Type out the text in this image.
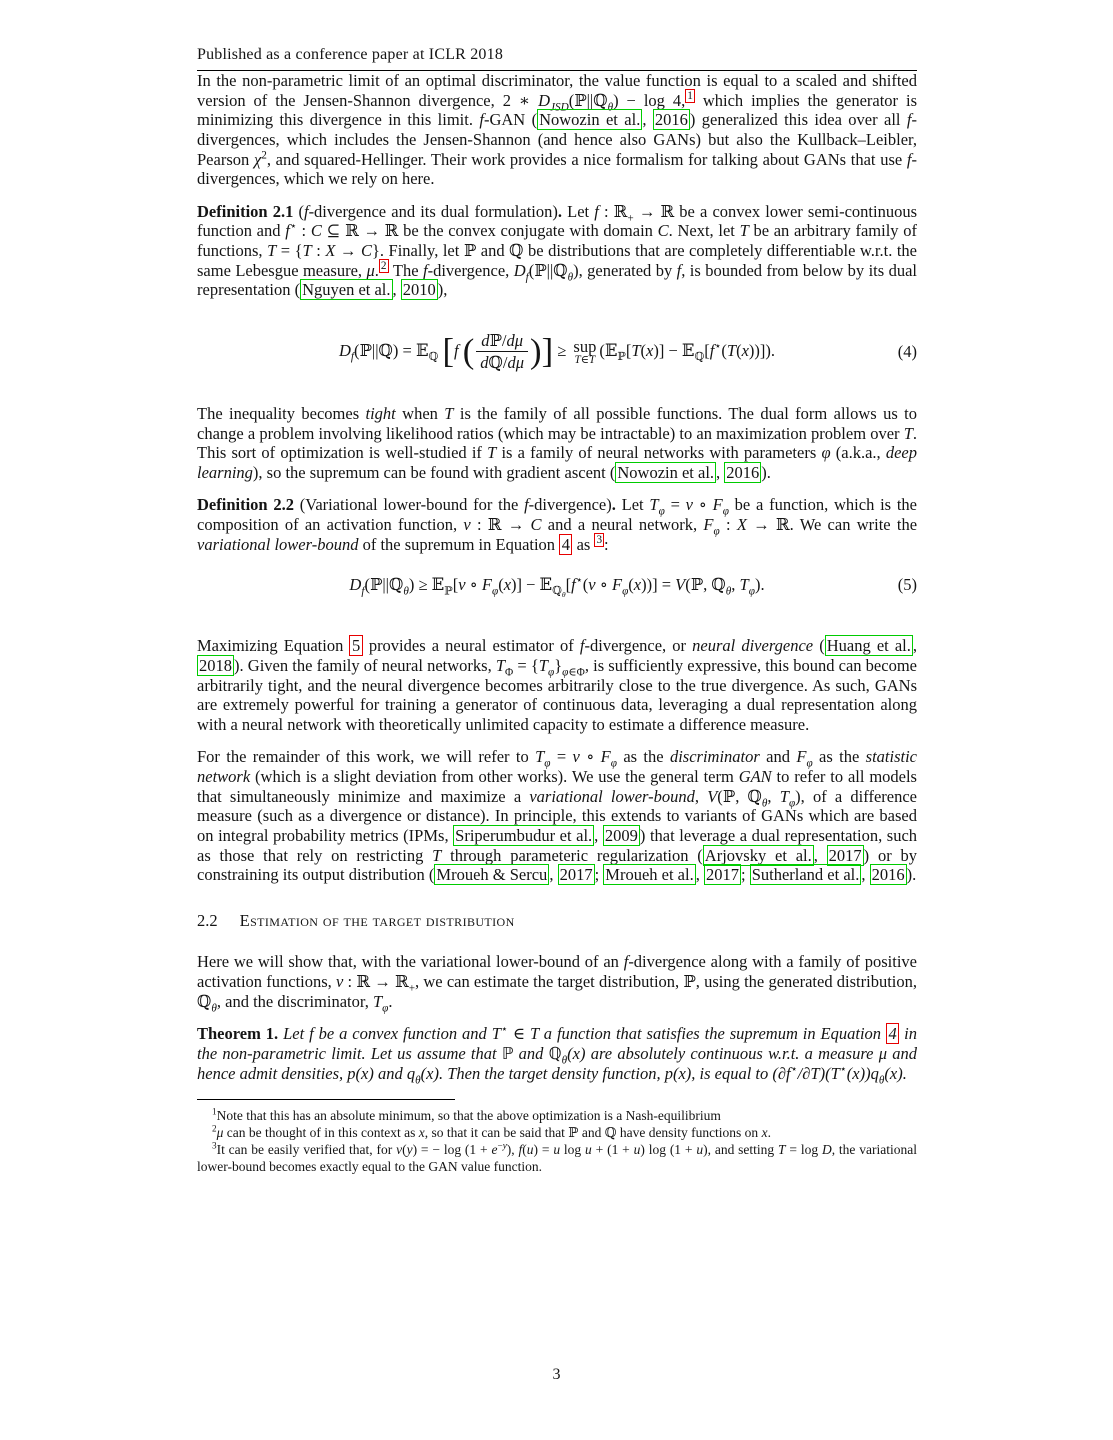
Published as a conference paper at ICLR 2018

In the non-parametric limit of an optimal discriminator, the value function is equal to a scaled and shifted version of the Jensen-Shannon divergence, 2 ∗ $D_{JSD}(ℙ||ℚ_\theta) - \log 4$, $^1$ which implies the generator is minimizing this divergence in this limit. f-GAN ( Nowozin et al. , 2016 ) generalized this idea over all f-divergences, which includes the Jensen-Shannon (and hence also GANs) but also the Kullback–Leibler, Pearson $\chi^2$, and squared-Hellinger. Their work provides a nice formalism for talking about GANs that use f-divergences, which we rely on here.

Definition 2.1 (f-divergence and its dual formulation). Let f : ℝ$_+$ → ℝ be a convex lower semi-continuous function and f⋆ : C ⊆ ℝ → ℝ be the convex conjugate with domain C. Next, let T be an arbitrary family of functions, T = {T : X → C}. Finally, let ℙ and ℚ be distributions that are completely differentiable w.r.t. the same Lebesgue measure, μ. $^2$ The f-divergence, $D_f(ℙ||ℚ_\theta)$, generated by f, is bounded from below by its dual representation ( Nguyen et al. , 2010 ),

$D_f(ℙ||ℚ)$ = 𝔼$_ℚ$ [f ( $\frac{\text{dℙ/dμ}}{\text{dℚ/dμ}}$ )] ≥ sup
T∈T (𝔼$_ℙ$[T(x)] − 𝔼$_ℚ$[f⋆(T(x))]).	(4)

The inequality becomes tight when T is the family of all possible functions. The dual form allows us to change a problem involving likelihood ratios (which may be intractable) to an maximization problem over T. This sort of optimization is well-studied if T is a family of neural networks with parameters φ (a.k.a., deep learning), so the supremum can be found with gradient ascent ( Nowozin et al. , 2016 ).

Definition 2.2 (Variational lower-bound for the f-divergence). Let $T_\varphi = \nu$ ∘ $F_\varphi$ be a function, which is the composition of an activation function, ν : ℝ → C and a neural network, $F_\varphi$ : X → ℝ. We can write the variational lower-bound of the supremum in Equation 4 as $^3$ :

$D_f(ℙ||ℚ_\theta)$ ≥ 𝔼$_ℙ$[ν ∘ $F_\varphi(x)$] − 𝔼$_{ℚ_\theta}$[f⋆(ν ∘ $F_\varphi(x)$)] = V(ℙ, ℚ$_\theta$, $T_\varphi$).	(5)

Maximizing Equation 5 provides a neural estimator of f-divergence, or neural divergence ( Huang et al. , 2018 ). Given the family of neural networks, $T_\Phi = \{T_\varphi\}_{\varphi\in\Phi}$, is sufficiently expressive, this bound can become arbitrarily tight, and the neural divergence becomes arbitrarily close to the true divergence. As such, GANs are extremely powerful for training a generator of continuous data, leveraging a dual representation along with a neural network with theoretically unlimited capacity to estimate a difference measure.

For the remainder of this work, we will refer to $T_\varphi = \nu$ ∘ $F_\varphi$ as the discriminator and $F_\varphi$ as the statistic network (which is a slight deviation from other works). We use the general term GAN to refer to all models that simultaneously minimize and maximize a variational lower-bound, V(ℙ, ℚ$_\theta$, $T_\varphi$), of a difference measure (such as a divergence or distance). In principle, this extends to variants of GANs which are based on integral probability metrics (IPMs, Sriperumbudur et al. , 2009 ) that leverage a dual representation, such as those that rely on restricting T through parameteric regularization ( Arjovsky et al. , 2017 ) or by constraining its output distribution ( Mroueh & Sercu , 2017 ; Mroueh et al. , 2017 ; Sutherland et al. , 2016 ).

2.2 Estimation of the target distribution

Here we will show that, with the variational lower-bound of an f-divergence along with a family of positive activation functions, ν : ℝ → ℝ$_+$, we can estimate the target distribution, ℙ, using the generated distribution, ℚ$_\theta$, and the discriminator, $T_\varphi$.

Theorem 1. Let f be a convex function and T⋆ ∈ T a function that satisfies the supremum in Equation 4 in the non-parametric limit. Let us assume that ℙ and ℚ$_\theta$(x) are absolutely continuous w.r.t. a measure μ and hence admit densities, p(x) and $q_\theta(x)$. Then the target density function, p(x), is equal to $(\partial f^⋆/\partial T)(T^⋆(x))q_\theta(x)$.

$^1$Note that this has an absolute minimum, so that the above optimization is a Nash-equilibrium

$^2$μ can be thought of in this context as x, so that it can be said that ℙ and ℚ have density functions on x.

$^3$It can be easily verified that, for ν(y) = − $\log (1 + e^{-y})$, f(u) = u log u + (1 + u) log (1 + u), and setting T = log D, the variational lower-bound becomes exactly equal to the GAN value function.

3
